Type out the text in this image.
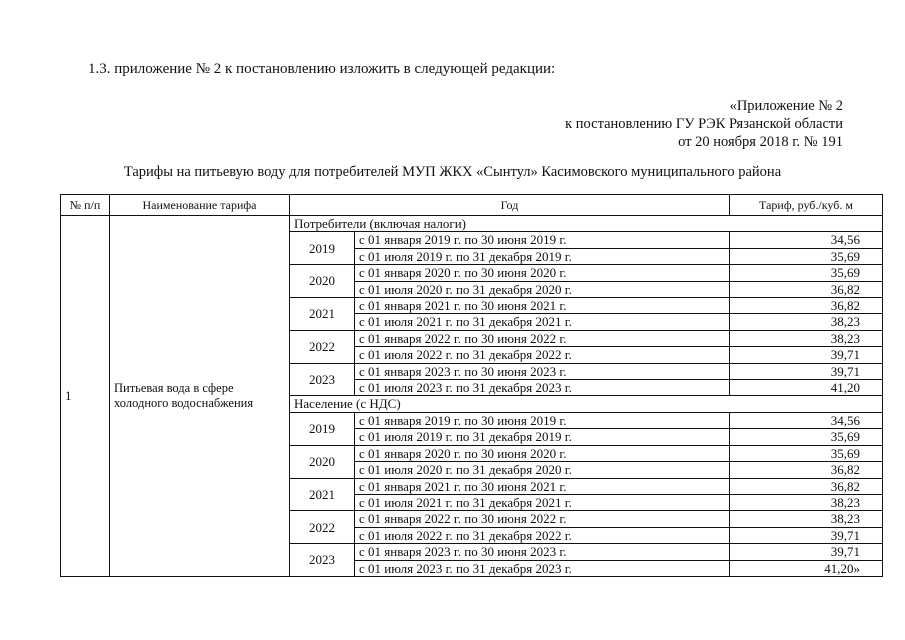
1.3. приложение № 2 к постановлению изложить в следующей редакции:
«Приложение № 2
к постановлению ГУ РЭК Рязанской области
от 20 ноября 2018 г. № 191
Тарифы на питьевую воду для потребителей МУП ЖКХ «Сынтул» Касимовского муниципального района
№ п/п	Наименование тарифа	Год		Тариф, руб./куб. м
1	Питьевая вода в сфере холодного водоснабжения	Потребители (включая налоги)		
		2019	с 01 января 2019 г. по 30 июня 2019 г.	34,56
			с 01 июля 2019 г. по 31 декабря 2019 г.	35,69
		2020	с 01 января 2020 г. по 30 июня 2020 г.	35,69
			с 01 июля 2020 г. по 31 декабря 2020 г.	36,82
		2021	с 01 января 2021 г. по 30 июня 2021 г.	36,82
			с 01 июля 2021 г. по 31 декабря 2021 г.	38,23
		2022	с 01 января 2022 г. по 30 июня 2022 г.	38,23
			с 01 июля 2022 г. по 31 декабря 2022 г.	39,71
		2023	с 01 января 2023 г. по 30 июня 2023 г.	39,71
			с 01 июля 2023 г. по 31 декабря 2023 г.	41,20
		Население (с НДС)		
		2019	с 01 января 2019 г. по 30 июня 2019 г.	34,56
			с 01 июля 2019 г. по 31 декабря 2019 г.	35,69
		2020	с 01 января 2020 г. по 30 июня 2020 г.	35,69
			с 01 июля 2020 г. по 31 декабря 2020 г.	36,82
		2021	с 01 января 2021 г. по 30 июня 2021 г.	36,82
			с 01 июля 2021 г. по 31 декабря 2021 г.	38,23
		2022	с 01 января 2022 г. по 30 июня 2022 г.	38,23
			с 01 июля 2022 г. по 31 декабря 2022 г.	39,71
		2023	с 01 января 2023 г. по 30 июня 2023 г.	39,71
			с 01 июля 2023 г. по 31 декабря 2023 г.	41,20»
